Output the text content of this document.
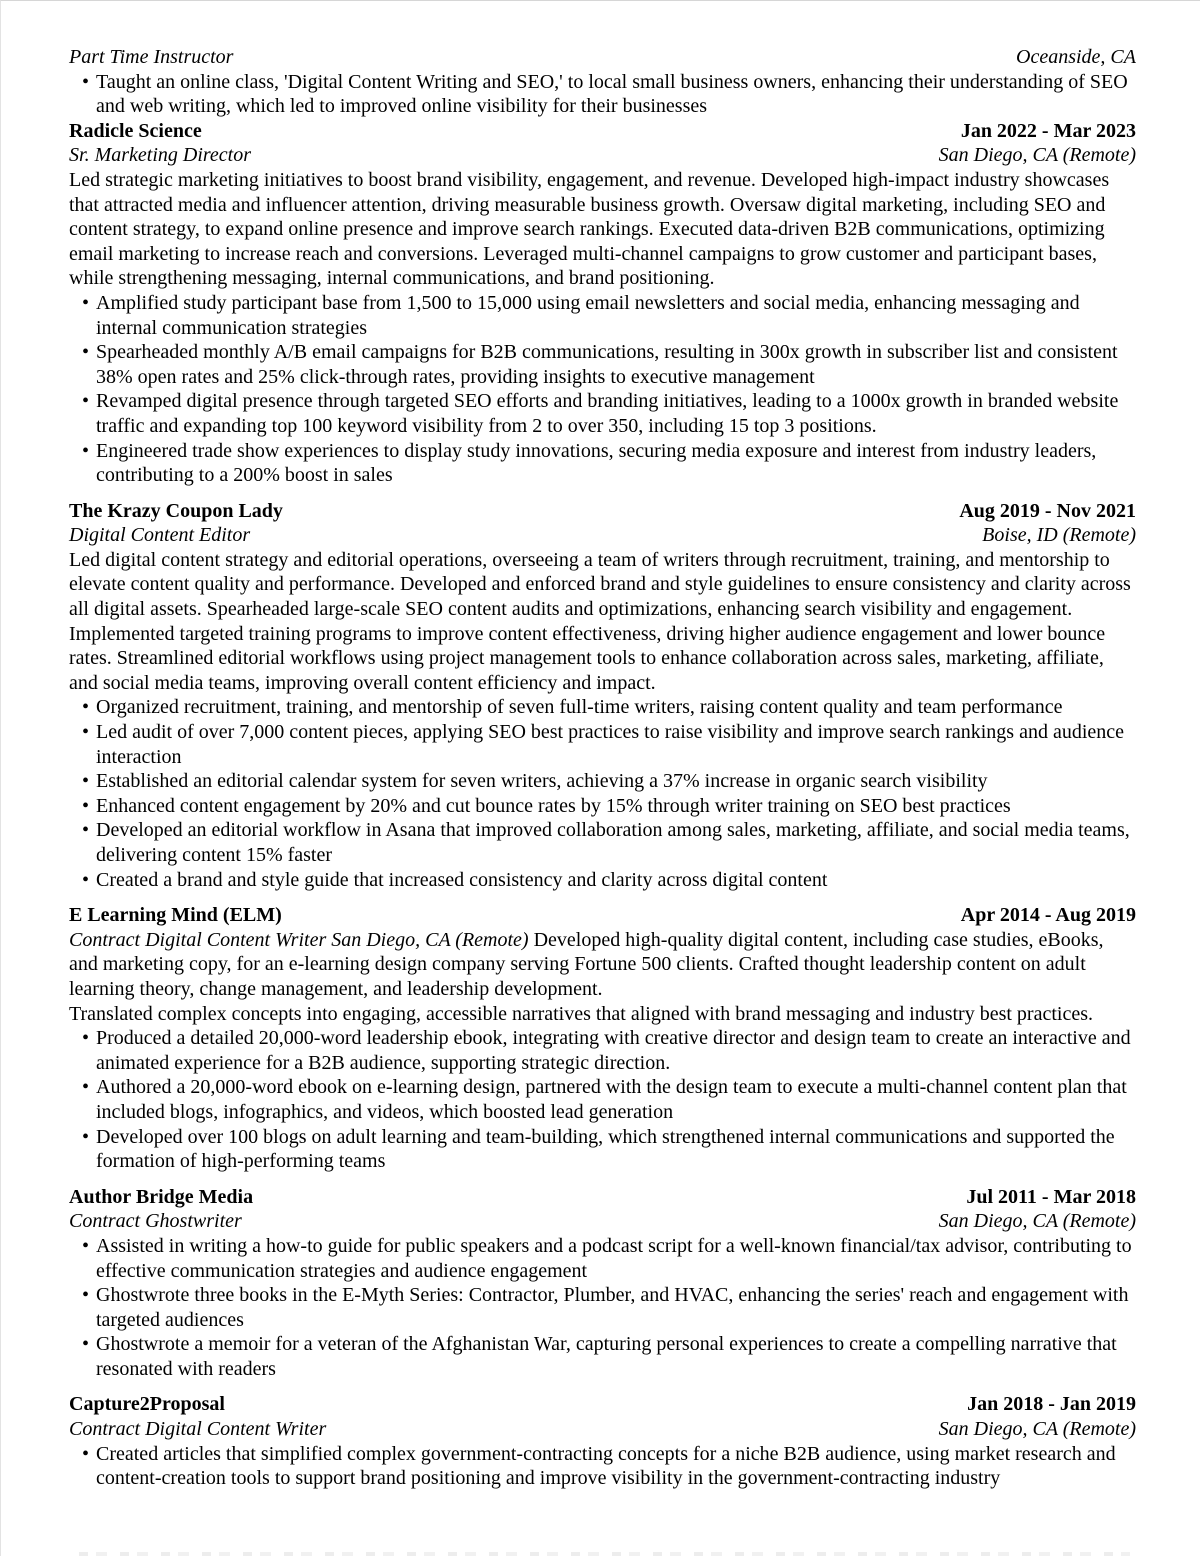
Part Time Instructor	Oceanside, CA
• Taught an online class, 'Digital Content Writing and SEO,' to local small business owners, enhancing their understanding of SEO and web writing, which led to improved online visibility for their businesses
Radicle Science	Jan 2022 - Mar 2023
Sr. Marketing Director	San Diego, CA (Remote)

Led strategic marketing initiatives to boost brand visibility, engagement, and revenue. Developed high-impact industry showcases that attracted media and influencer attention, driving measurable business growth. Oversaw digital marketing, including SEO and content strategy, to expand online presence and improve search rankings. Executed data-driven B2B communications, optimizing email marketing to increase reach and conversions. Leveraged multi-channel campaigns to grow customer and participant bases, while strengthening messaging, internal communications, and brand positioning.

• Amplified study participant base from 1,500 to 15,000 using email newsletters and social media, enhancing messaging and internal communication strategies
• Spearheaded monthly A/B email campaigns for B2B communications, resulting in 300x growth in subscriber list and consistent 38% open rates and 25% click-through rates, providing insights to executive management
• Revamped digital presence through targeted SEO efforts and branding initiatives, leading to a 1000x growth in branded website traffic and expanding top 100 keyword visibility from 2 to over 350, including 15 top 3 positions.
• Engineered trade show experiences to display study innovations, securing media exposure and interest from industry leaders, contributing to a 200% boost in sales
The Krazy Coupon Lady	Aug 2019 - Nov 2021
Digital Content Editor	Boise, ID (Remote)

Led digital content strategy and editorial operations, overseeing a team of writers through recruitment, training, and mentorship to elevate content quality and performance. Developed and enforced brand and style guidelines to ensure consistency and clarity across all digital assets. Spearheaded large-scale SEO content audits and optimizations, enhancing search visibility and engagement. Implemented targeted training programs to improve content effectiveness, driving higher audience engagement and lower bounce rates. Streamlined editorial workflows using project management tools to enhance collaboration across sales, marketing, affiliate, and social media teams, improving overall content efficiency and impact.

• Organized recruitment, training, and mentorship of seven full-time writers, raising content quality and team performance
• Led audit of over 7,000 content pieces, applying SEO best practices to raise visibility and improve search rankings and audience interaction
• Established an editorial calendar system for seven writers, achieving a 37% increase in organic search visibility
• Enhanced content engagement by 20% and cut bounce rates by 15% through writer training on SEO best practices
• Developed an editorial workflow in Asana that improved collaboration among sales, marketing, affiliate, and social media teams, delivering content 15% faster
• Created a brand and style guide that increased consistency and clarity across digital content
E Learning Mind (ELM)	Apr 2014 - Aug 2019

Contract Digital Content Writer San Diego, CA (Remote) Developed high-quality digital content, including case studies, eBooks, and marketing copy, for an e-learning design company serving Fortune 500 clients. Crafted thought leadership content on adult learning theory, change management, and leadership development.

Translated complex concepts into engaging, accessible narratives that aligned with brand messaging and industry best practices.

• Produced a detailed 20,000-word leadership ebook, integrating with creative director and design team to create an interactive and animated experience for a B2B audience, supporting strategic direction.
• Authored a 20,000-word ebook on e-learning design, partnered with the design team to execute a multi-channel content plan that included blogs, infographics, and videos, which boosted lead generation
• Developed over 100 blogs on adult learning and team-building, which strengthened internal communications and supported the formation of high-performing teams
Author Bridge Media	Jul 2011 - Mar 2018
Contract Ghostwriter	San Diego, CA (Remote)
• Assisted in writing a how-to guide for public speakers and a podcast script for a well-known financial/tax advisor, contributing to effective communication strategies and audience engagement
• Ghostwrote three books in the E-Myth Series: Contractor, Plumber, and HVAC, enhancing the series' reach and engagement with targeted audiences
• Ghostwrote a memoir for a veteran of the Afghanistan War, capturing personal experiences to create a compelling narrative that resonated with readers
Capture2Proposal	Jan 2018 - Jan 2019
Contract Digital Content Writer	San Diego, CA (Remote)
• Created articles that simplified complex government-contracting concepts for a niche B2B audience, using market research and content-creation tools to support brand positioning and improve visibility in the government-contracting industry
